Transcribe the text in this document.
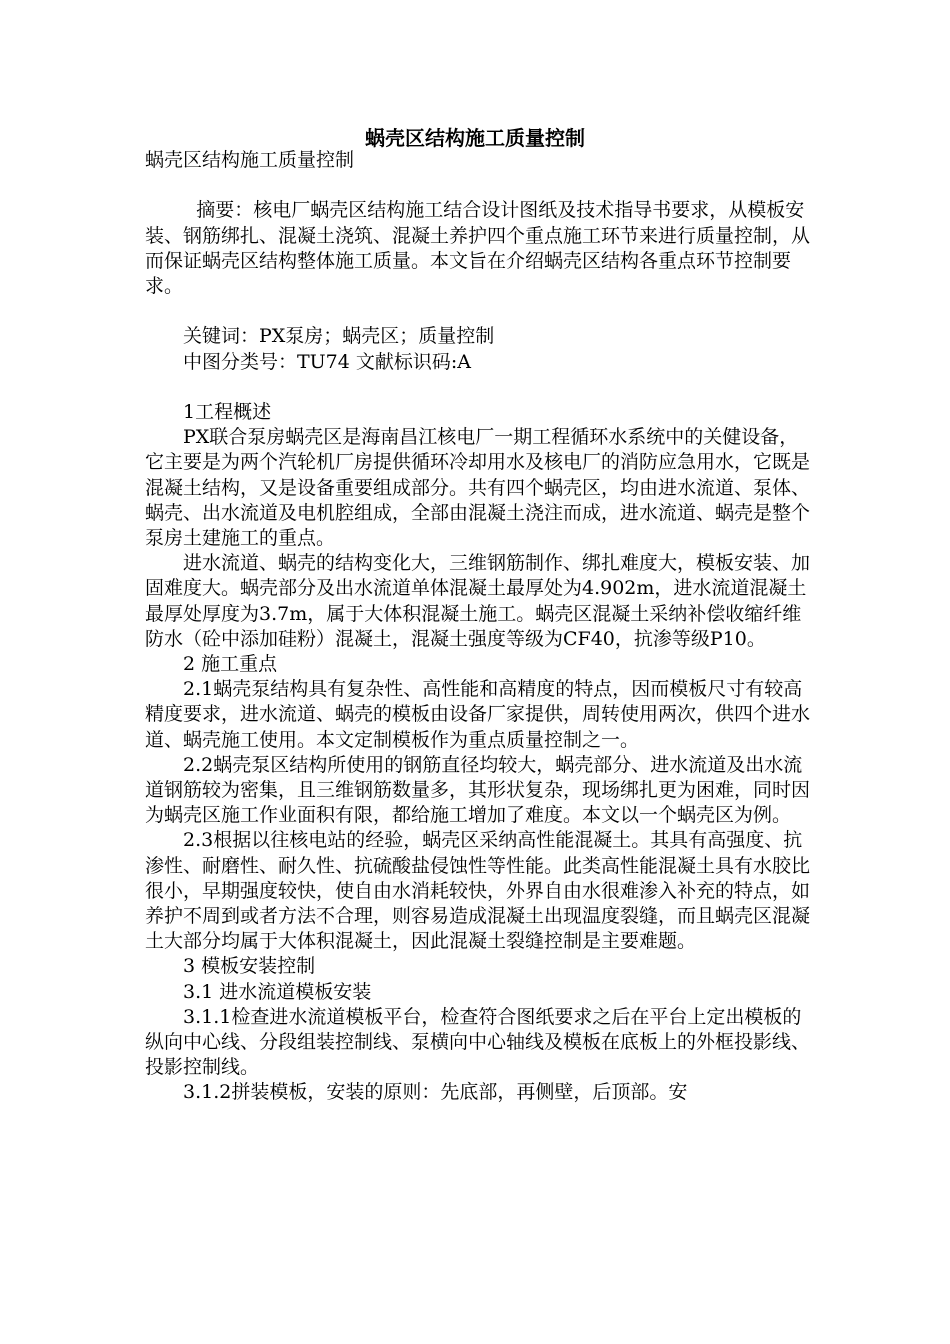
蜗壳区结构施工质量控制

蜗壳区结构施工质量控制

摘要：核电厂蜗壳区结构施工结合设计图纸及技术指导书要求，从模板安装、钢筋绑扎、混凝土浇筑、混凝土养护四个重点施工环节来进行质量控制，从而保证蜗壳区结构整体施工质量。本文旨在介绍蜗壳区结构各重点环节控制要求。

关键词：PX泵房；蜗壳区；质量控制

中图分类号：TU74 文献标识码:A

1工程概述

PX联合泵房蜗壳区是海南昌江核电厂一期工程循环水系统中的关健设备，它主要是为两个汽轮机厂房提供循环冷却用水及核电厂的消防应急用水，它既是混凝土结构，又是设备重要组成部分。共有四个蜗壳区，均由进水流道、泵体、蜗壳、出水流道及电机腔组成，全部由混凝土浇注而成，进水流道、蜗壳是整个泵房土建施工的重点。

进水流道、蜗壳的结构变化大，三维钢筋制作、绑扎难度大，模板安装、加固难度大。蜗壳部分及出水流道单体混凝土最厚处为4.902m，进水流道混凝土最厚处厚度为3.7m，属于大体积混凝土施工。蜗壳区混凝土采纳补偿收缩纤维防水（砼中添加硅粉）混凝土，混凝土强度等级为CF40，抗渗等级P10。

2 施工重点

2.1蜗壳泵结构具有复杂性、高性能和高精度的特点，因而模板尺寸有较高精度要求，进水流道、蜗壳的模板由设备厂家提供，周转使用两次，供四个进水道、蜗壳施工使用。本文定制模板作为重点质量控制之一。

2.2蜗壳泵区结构所使用的钢筋直径均较大，蜗壳部分、进水流道及出水流道钢筋较为密集，且三维钢筋数量多，其形状复杂，现场绑扎更为困难，同时因为蜗壳区施工作业面积有限，都给施工增加了难度。本文以一个蜗壳区为例。

2.3根据以往核电站的经验，蜗壳区采纳高性能混凝土。其具有高强度、抗渗性、耐磨性、耐久性、抗硫酸盐侵蚀性等性能。此类高性能混凝土具有水胶比很小，早期强度较快，使自由水消耗较快，外界自由水很难渗入补充的特点，如养护不周到或者方法不合理，则容易造成混凝土出现温度裂缝，而且蜗壳区混凝土大部分均属于大体积混凝土，因此混凝土裂缝控制是主要难题。

3 模板安装控制

3.1 进水流道模板安装

3.1.1检查进水流道模板平台，检查符合图纸要求之后在平台上定出模板的纵向中心线、分段组装控制线、泵横向中心轴线及模板在底板上的外框投影线、投影控制线。

3.1.2拼装模板，安装的原则：先底部，再侧壁，后顶部。安
